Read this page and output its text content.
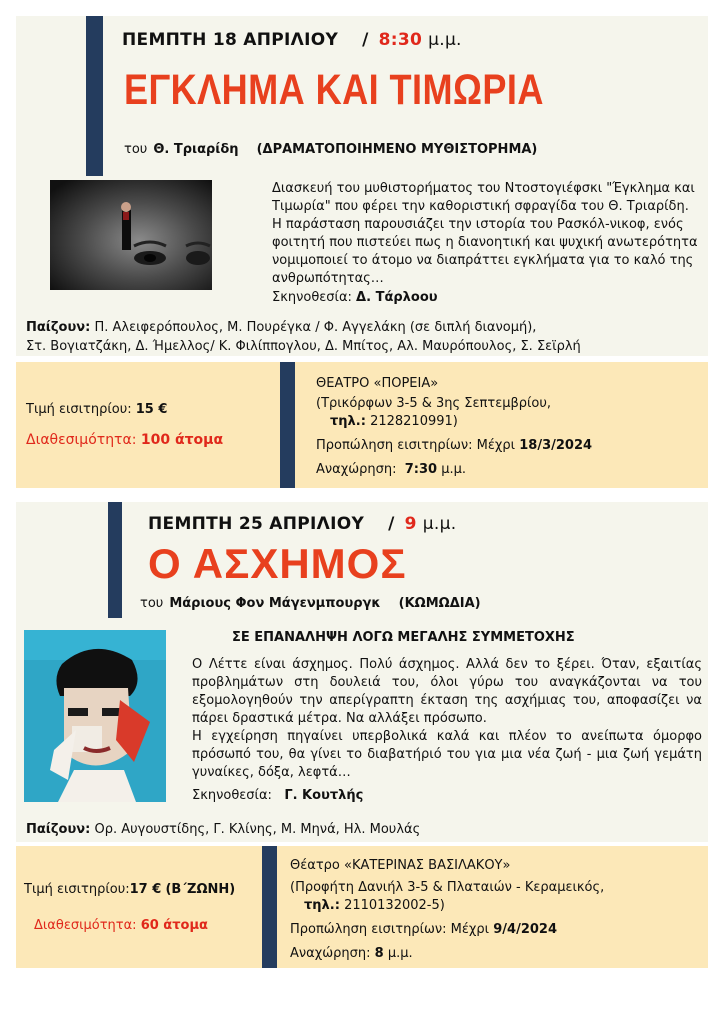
ΠΕΜΠΤΗ 18 ΑΠΡΙΛΙΟΥ / 8:30 μ.μ.
ΕΓΚΛΗΜΑ ΚΑΙ ΤΙΜΩΡΙΑ
του Θ. Τριαρίδη (ΔΡΑΜΑΤΟΠΟΙΗΜΕΝΟ ΜΥΘΙΣΤΟΡΗΜΑ)
Διασκευή του μυθιστορήματος του Ντοστογιέφσκι "Έγκλημα και Τιμωρία" που φέρει την καθοριστική σφραγίδα του Θ. Τριαρίδη. Η παράσταση παρουσιάζει την ιστορία του Ρασκόλ-νικοφ, ενός φοιτητή που πιστεύει πως η διανοητική και ψυχική ανωτερότητα νομιμοποιεί το άτομο να διαπράττει εγκλήματα για το καλό της ανθρωπότητας…
Σκηνοθεσία: Δ. Τάρλοου
Παίζουν: Π. Αλειφερόπουλος, Μ. Πουρέγκα / Φ. Αγγελάκη (σε διπλή διανομή),
Στ. Βογιατζάκη, Δ. Ήμελλος/ Κ. Φιλίππογλου, Δ. Μπίτος, Αλ. Μαυρόπουλος, Σ. Σεϊρλή
Τιμή εισιτηρίου: 15 €
Διαθεσιμότητα: 100 άτομα
ΘΕΑΤΡΟ «ΠΟΡΕΙΑ»
(Τρικόρφων 3-5 & 3ης Σεπτεμβρίου,
τηλ.: 2128210991)
Προπώληση εισιτηρίων: Μέχρι 18/3/2024
Αναχώρηση: 7:30 μ.μ.
ΠΕΜΠΤΗ 25 ΑΠΡΙΛΙΟΥ / 9 μ.μ.
Ο ΑΣΧΗΜΟΣ
του Μάριους Φον Μάγενμπουργκ (ΚΩΜΩΔΙΑ)
ΣΕ ΕΠΑΝΑΛΗΨΗ ΛΟΓΩ ΜΕΓΑΛΗΣ ΣΥΜΜΕΤΟΧΗΣ
Ο Λέττε είναι άσχημος. Πολύ άσχημος. Αλλά δεν το ξέρει. Όταν, εξαιτίας προβλημάτων στη δουλειά του, όλοι γύρω του αναγκάζονται να του εξομολογηθούν την απερίγραπτη έκταση της ασχήμιας του, αποφασίζει να πάρει δραστικά μέτρα. Να αλλάξει πρόσωπο.
Η εγχείρηση πηγαίνει υπερβολικά καλά και πλέον το ανείπωτα όμορφο πρόσωπό του, θα γίνει το διαβατήριό του για μια νέα ζωή - μια ζωή γεμάτη γυναίκες, δόξα, λεφτά…
Σκηνοθεσία: Γ. Κουτλής
Παίζουν: Ορ. Αυγουστίδης, Γ. Κλίνης, Μ. Μηνά, Ηλ. Μουλάς
Τιμή εισιτηρίου:17 € (Β΄ΖΩΝΗ)
Διαθεσιμότητα: 60 άτομα
Θέατρο «ΚΑΤΕΡΙΝΑΣ ΒΑΣΙΛΑΚΟΥ»
(Προφήτη Δανιήλ 3-5 & Πλαταιών - Κεραμεικός,
τηλ.: 2110132002-5)
Προπώληση εισιτηρίων: Μέχρι 9/4/2024
Αναχώρηση: 8 μ.μ.
